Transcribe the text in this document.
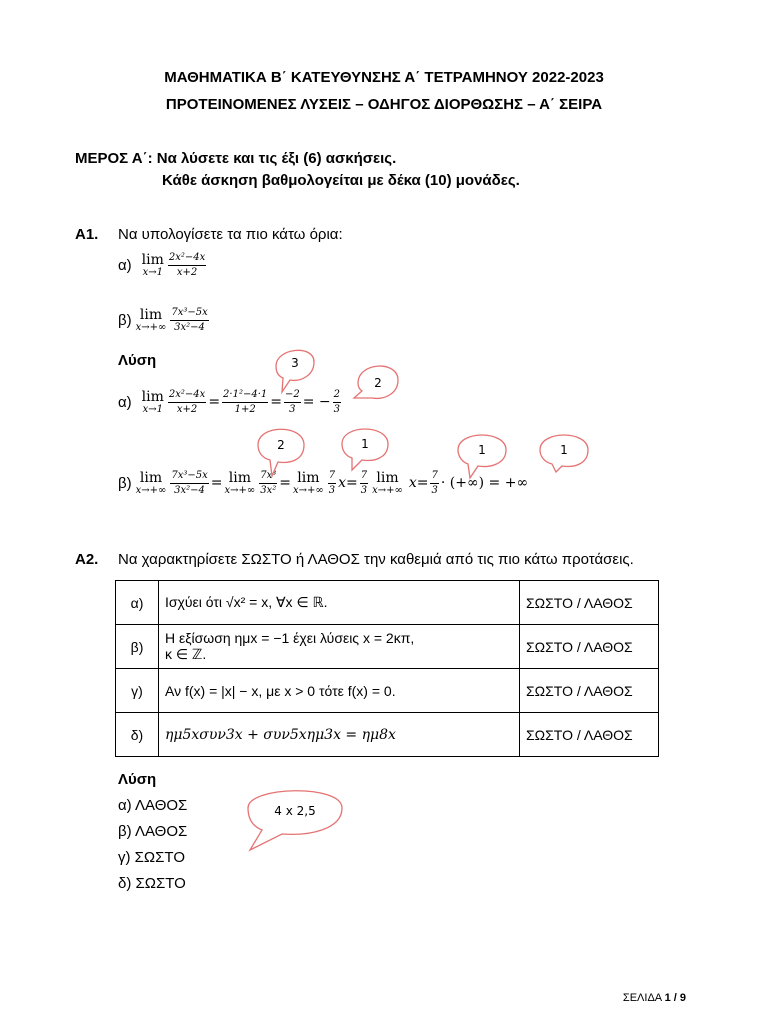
ΜΑΘΗΜΑΤΙΚΑ Β΄ ΚΑΤΕΥΘΥΝΣΗΣ Α΄ ΤΕΤΡΑΜΗΝΟΥ 2022-2023
ΠΡΟΤΕΙΝΟΜΕΝΕΣ ΛΥΣΕΙΣ – ΟΔΗΓΟΣ ΔΙΟΡΘΩΣΗΣ – Α΄ ΣΕΙΡΑ
ΜΕΡΟΣ Α΄: Να λύσετε και τις έξι (6) ασκήσεις.
Κάθε άσκηση βαθμολογείται με δέκα (10) μονάδες.
Α1. Να υπολογίσετε τα πιο κάτω όρια:
α) lim
$x\to 1 \frac{\text{2x²−4x}}{x+2}$
β) lim
$x\to+\infty \frac{\text{7x³−5x}}{\text{3x²−4}}$
Λύση
α) lim
$x\to 1 \frac{\text{2x²−4x}}{x+2} = \frac{\text{2·1²−4·1}}{1+2} = \frac{-2}{3}$ = − $\frac{2}{3}$
β) lim
$x\to+\infty \frac{\text{7x³−5x}}{\text{3x²−4}} = \lim$
$x\to+\infty \frac{\text{7x³}}{\text{3x²}} = \lim$
$x\to+\infty \frac{7}{3}$ $x = \frac{7}{3}$ lim
x→+∞ $x = \frac{7}{3}$ · (+∞) = +∞
3
2
2	1	1	1
4 x 2,5
Α2. Να χαρακτηρίσετε ΣΩΣΤΟ ή ΛΑΘΟΣ την καθεμιά από τις πιο κάτω προτάσεις.
α)	Ισχύει ότι √x² = x, ∀x ∈ ℝ.	ΣΩΣΤΟ / ΛΑΘΟΣ
β)	Η εξίσωση ημx = −1 έχει λύσεις x = 2κπ,
κ ∈ ℤ.	ΣΩΣΤΟ / ΛΑΘΟΣ
γ)	Αν f(x) = |x| − x, με x > 0 τότε f(x) = 0.	ΣΩΣΤΟ / ΛΑΘΟΣ
δ)	ημ5xσυν3x + συν5xημ3x = ημ8x	ΣΩΣΤΟ / ΛΑΘΟΣ
Λύση
α) ΛΑΘΟΣ
β) ΛΑΘΟΣ
γ) ΣΩΣΤΟ
δ) ΣΩΣΤΟ
ΣΕΛΙΔΑ 1 / 9
